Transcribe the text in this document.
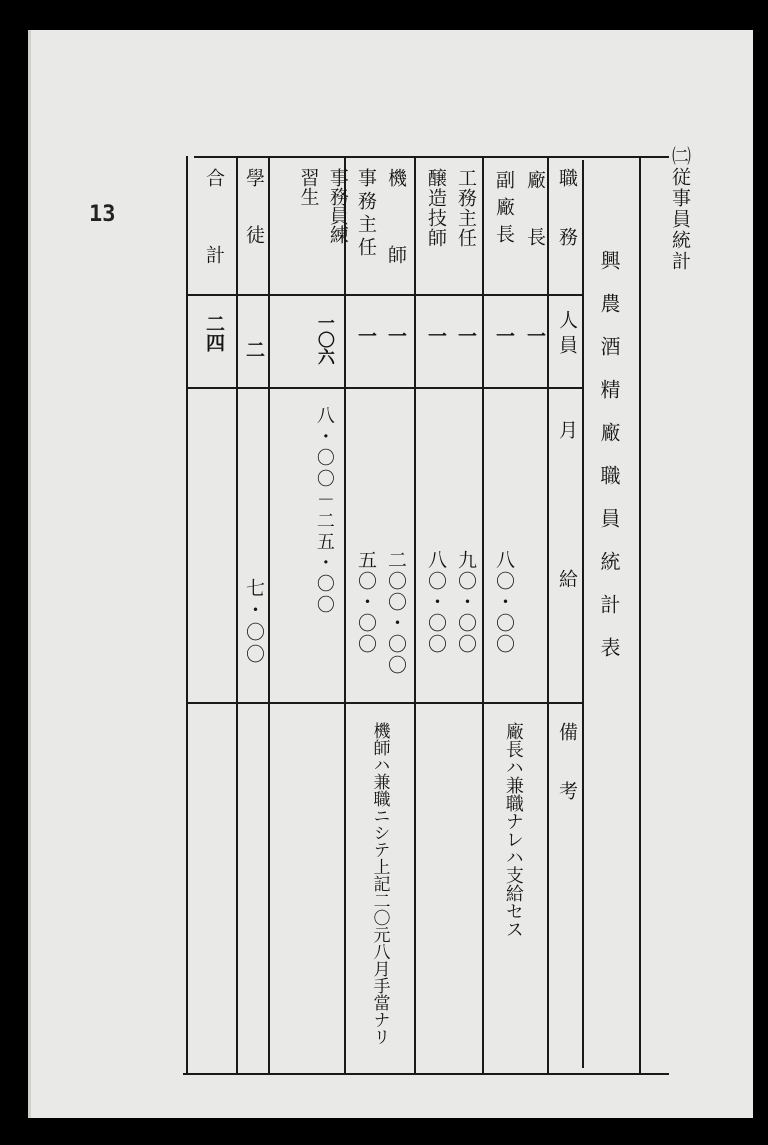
13	㈡従事員統計
興農酒精廠職員統計表
職務
人員
月給
備考
廠長
副廠長
一
一
八〇・〇〇
廠長ハ兼職ナレハ支給セス
工務主任
醸造技師
一
一
九〇・〇〇
八〇・〇〇
機師
事務主任
一
一
二〇〇・〇〇
五〇・〇〇
機師ハ兼職ニシテ上記二〇元八月手當ナリ
事務員練習生
一〇六
八・〇〇－二五・〇〇
學徒
二
七・〇〇
合計
二四
